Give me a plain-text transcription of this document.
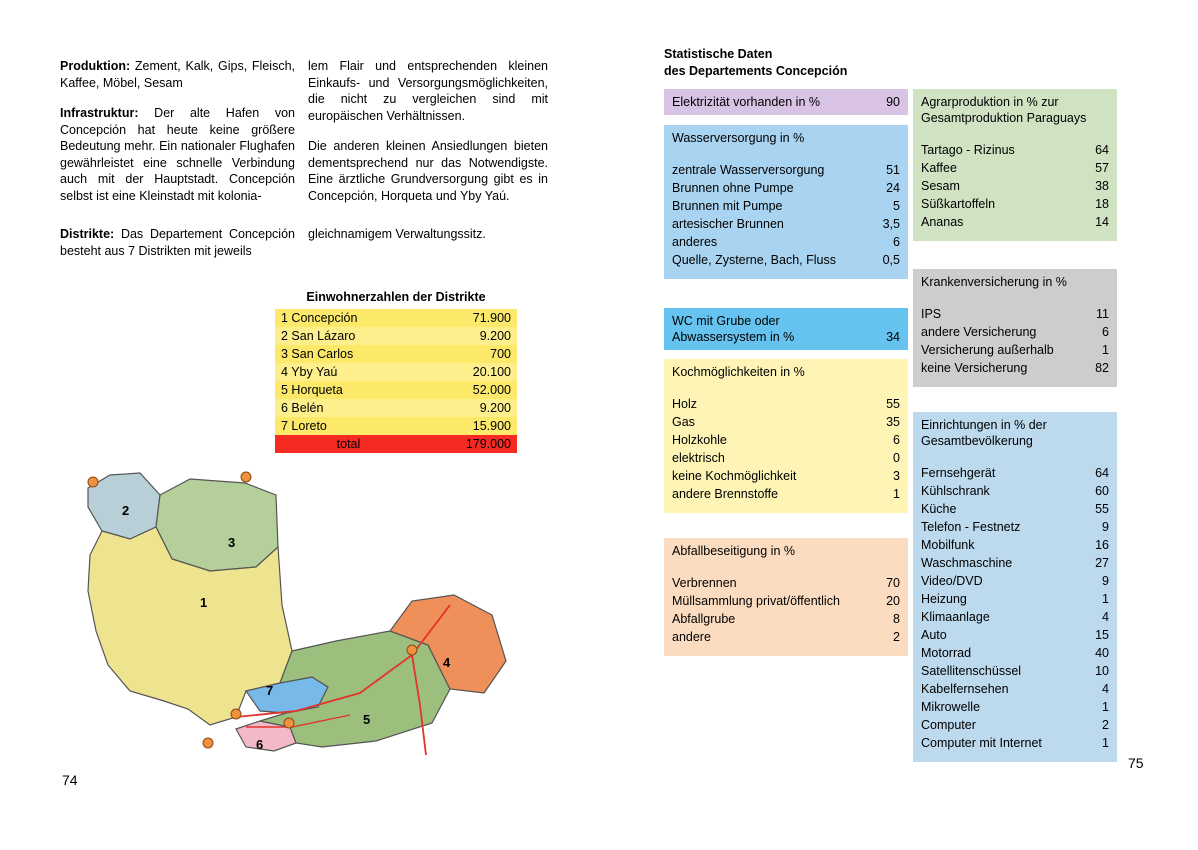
Produktion: Zement, Kalk, Gips, Fleisch, Kaffee, Möbel, Sesam
Infrastruktur: Der alte Hafen von Concepción hat heute keine größere Bedeutung mehr. Ein nationaler Flughafen gewährleistet eine schnelle Verbindung auch mit der Hauptstadt. Concepción selbst ist eine Kleinstadt mit kolonia-
lem Flair und entsprechenden kleinen Einkaufs- und Versorgungsmöglichkeiten, die nicht zu vergleichen sind mit europäischen Verhältnissen.
Die anderen kleinen Ansiedlungen bieten dementsprechend nur das Notwendigste. Eine ärztliche Grundversorgung gibt es in Concepción, Horqueta und Yby Yaú.
Distrikte: Das Departement Concepción besteht aus 7 Distrikten mit jeweils
gleichnamigem Verwaltungssitz.
Einwohnerzahlen der Distrikte
1 Concepción	71.900
2 San Lázaro	9.200
3 San Carlos	700
4 Yby Yaú	20.100
5 Horqueta	52.000
6 Belén	9.200
7 Loreto	15.900
total	179.000
1
2
3
4
5
6
7
74
Statistische Daten
des Departements Concepción
Elektrizität vorhanden in %	90
Wasserversorgung in %
zentrale Wasserversorgung	51
Brunnen ohne Pumpe	24
Brunnen mit Pumpe	5
artesischer Brunnen	3,5
anderes	6
Quelle, Zysterne, Bach, Fluss	0,5
WC mit Grube oder Abwassersystem in %	34
Kochmöglichkeiten in %
Holz	55
Gas	35
Holzkohle	6
elektrisch	0
keine Kochmöglichkeit	3
andere Brennstoffe	1
Abfallbeseitigung in %
Verbrennen	70
Müllsammlung privat/öffentlich	20
Abfallgrube	8
andere	2
Agrarproduktion in % zur Gesamtproduktion Paraguays
Tartago - Rizinus	64
Kaffee	57
Sesam	38
Süßkartoffeln	18
Ananas	14
Krankenversicherung in %
IPS	11
andere Versicherung	6
Versicherung außerhalb	1
keine Versicherung	82
Einrichtungen in % der Gesamtbevölkerung
Fernsehgerät	64
Kühlschrank	60
Küche	55
Telefon - Festnetz	9
Mobilfunk	16
Waschmaschine	27
Video/DVD	9
Heizung	1
Klimaanlage	4
Auto	15
Motorrad	40
Satellitenschüssel	10
Kabelfernsehen	4
Mikrowelle	1
Computer	2
Computer mit Internet	1
75
